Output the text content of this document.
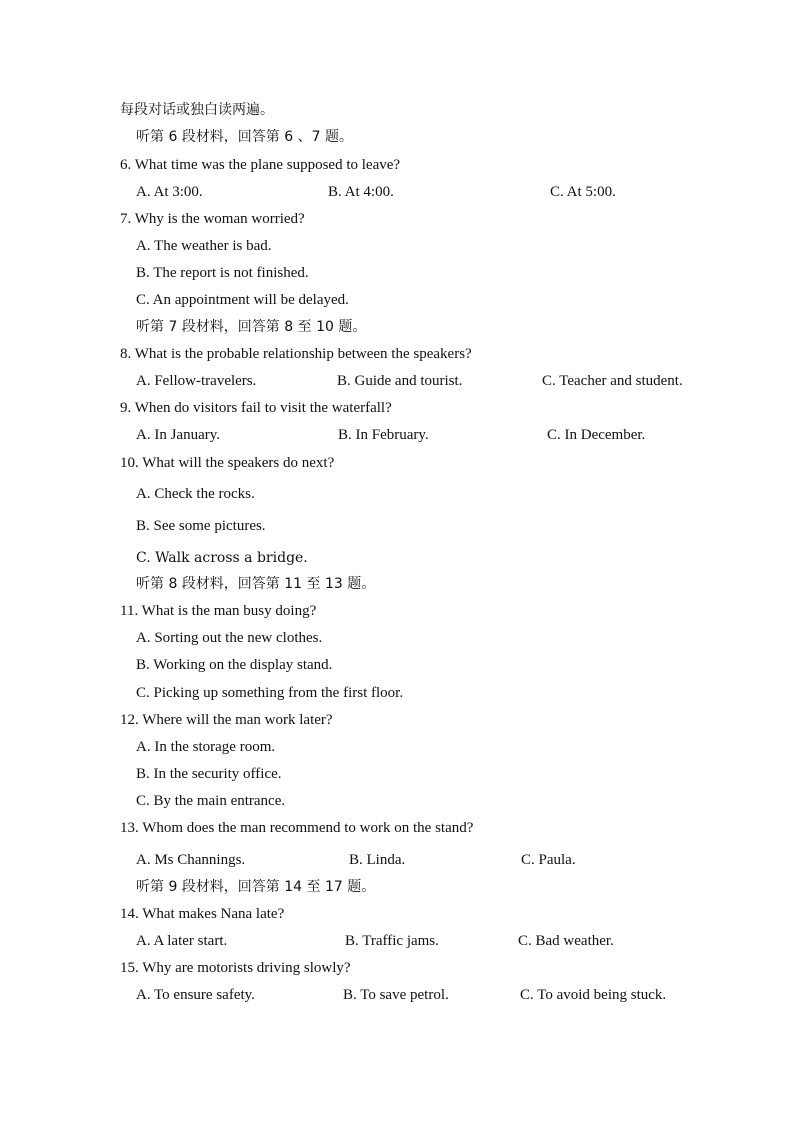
每段对话或独白读两遍。
听第 6 段材料，回答第 6 、7 题。
6. What time was the plane supposed to leave?
A. At 3:00.	B. At 4:00.	C. At 5:00.
7. Why is the woman worried?
A. The weather is bad.
B. The report is not finished.
C. An appointment will be delayed.
听第 7 段材料，回答第 8 至 10 题。
8. What is the probable relationship between the speakers?
A. Fellow-travelers.	B. Guide and tourist.	C. Teacher and student.
9. When do visitors fail to visit the waterfall?
A. In January.	B. In February.	C. In December.
10. What will the speakers do next?
A. Check the rocks.
B. See some pictures.
C. Walk across a bridge.
听第 8 段材料，回答第 11 至 13 题。
11. What is the man busy doing?
A. Sorting out the new clothes.
B. Working on the display stand.
C. Picking up something from the first floor.
12. Where will the man work later?
A. In the storage room.
B. In the security office.
C. By the main entrance.
13. Whom does the man recommend to work on the stand?
A. Ms Channings.	B. Linda.	C. Paula.
听第 9 段材料，回答第 14 至 17 题。
14. What makes Nana late?
A. A later start.	B. Traffic jams.	C. Bad weather.
15. Why are motorists driving slowly?
A. To ensure safety.	B. To save petrol.	C. To avoid being stuck.
